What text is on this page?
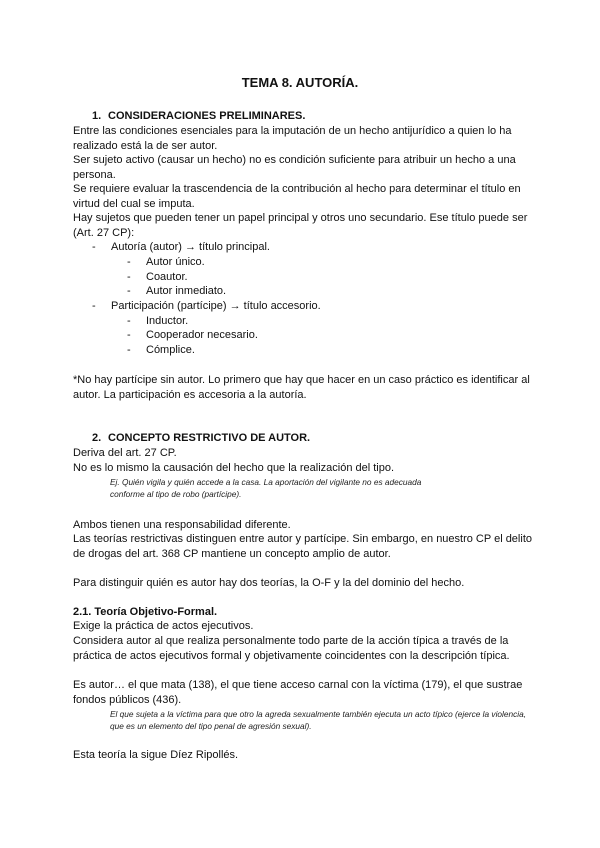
TEMA 8. AUTORÍA.
1. CONSIDERACIONES PRELIMINARES.
Entre las condiciones esenciales para la imputación de un hecho antijurídico a quien lo ha realizado está la de ser autor.
Ser sujeto activo (causar un hecho) no es condición suficiente para atribuir un hecho a una persona.
Se requiere evaluar la trascendencia de la contribución al hecho para determinar el título en virtud del cual se imputa.
Hay sujetos que pueden tener un papel principal y otros uno secundario. Ese título puede ser (Art. 27 CP):
- Autoría (autor) → título principal.
- Autor único.
- Coautor.
- Autor inmediato.
- Participación (partícipe) → título accesorio.
- Inductor.
- Cooperador necesario.
- Cómplice.
*No hay partícipe sin autor. Lo primero que hay que hacer en un caso práctico es identificar al autor. La participación es accesoria a la autoría.
2. CONCEPTO RESTRICTIVO DE AUTOR.
Deriva del art. 27 CP.
No es lo mismo la causación del hecho que la realización del tipo.
Ej. Quién vigila y quién accede a la casa. La aportación del vigilante no es adecuada conforme al tipo de robo (partícipe).
Ambos tienen una responsabilidad diferente.
Las teorías restrictivas distinguen entre autor y partícipe. Sin embargo, en nuestro CP el delito de drogas del art. 368 CP mantiene un concepto amplio de autor.
Para distinguir quién es autor hay dos teorías, la O-F y la del dominio del hecho.
2.1. Teoría Objetivo-Formal.
Exige la práctica de actos ejecutivos.
Considera autor al que realiza personalmente todo parte de la acción típica a través de la práctica de actos ejecutivos formal y objetivamente coincidentes con la descripción típica.
Es autor… el que mata (138), el que tiene acceso carnal con la víctima (179), el que sustrae fondos públicos (436).
El que sujeta a la víctima para que otro la agreda sexualmente también ejecuta un acto típico (ejerce la violencia, que es un elemento del tipo penal de agresión sexual).
Esta teoría la sigue Díez Ripollés.
